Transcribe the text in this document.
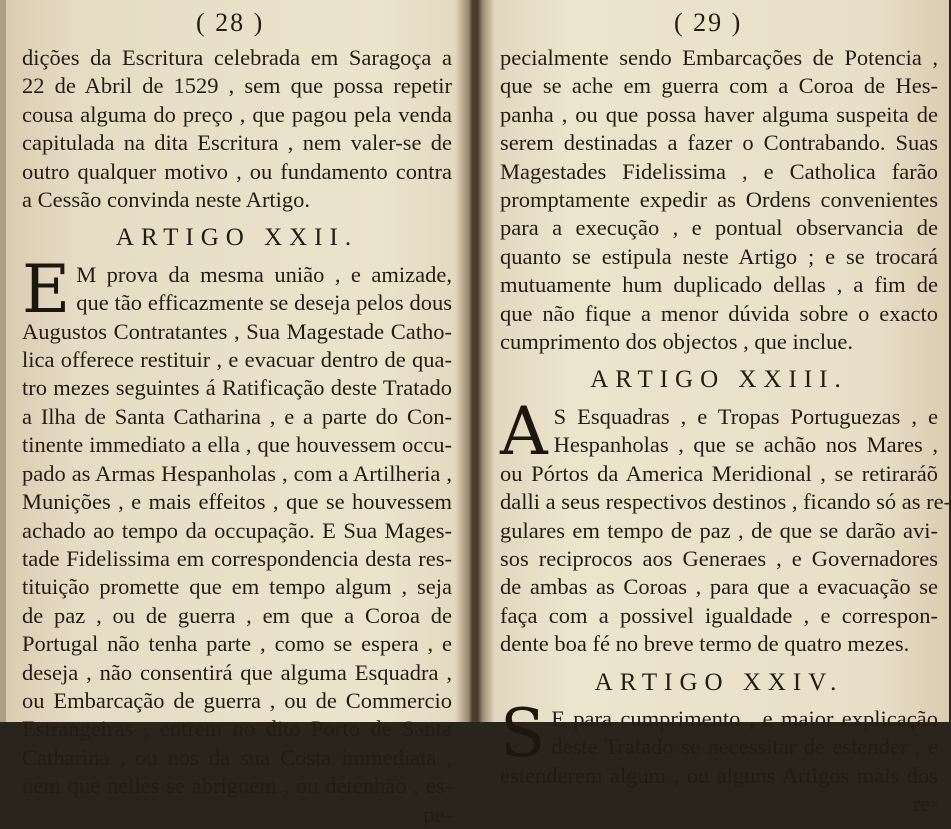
( 28 )
dições da Escritura celebrada em Saragoça a
22 de Abril de 1529 , sem que possa repetir
cousa alguma do preço , que pagou pela venda
capitulada na dita Escritura , nem valer-se de
outro qualquer motivo , ou fundamento contra
a Cessão convinda neste Artigo.
ARTIGO XXII.
E M prova da mesma união , e amizade,
que tão efficazmente se deseja pelos dous
Augustos Contratantes , Sua Magestade Catho-
lica offerece restituir , e evacuar dentro de qua-
tro mezes seguintes á Ratificação deste Tratado
a Ilha de Santa Catharina , e a parte do Con-
tinente immediato a ella , que houvessem occu-
pado as Armas Hespanholas , com a Artilheria ,
Munições , e mais effeitos , que se houvessem
achado ao tempo da occupação. E Sua Mages-
tade Fidelissima em correspondencia desta res-
tituição promette que em tempo algum , seja
de paz , ou de guerra , em que a Coroa de
Portugal não tenha parte , como se espera , e
deseja , não consentirá que alguma Esquadra ,
ou Embarcação de guerra , ou de Commercio
Estrangeiras , entrem no dito Porto de Santa
Catharina , ou nos da sua Costa immediata ,
nem que nelles se abriguem , ou detenhão , es-
pe-
( 29 )
pecialmente sendo Embarcações de Potencia ,
que se ache em guerra com a Coroa de Hes-
panha , ou que possa haver alguma suspeita de
serem destinadas a fazer o Contrabando. Suas
Magestades Fidelissima , e Catholica farão
promptamente expedir as Ordens convenientes
para a execução , e pontual observancia de
quanto se estipula neste Artigo ; e se trocará
mutuamente hum duplicado dellas , a fim de
que não fique a menor dúvida sobre o exacto
cumprimento dos objectos , que inclue.
ARTIGO XXIII.
A S Esquadras , e Tropas Portuguezas , e
Hespanholas , que se achão nos Mares ,
ou Pórtos da America Meridional , se retiraráõ
dalli a seus respectivos destinos , ficando só as re-
gulares em tempo de paz , de que se darão avi-
sos reciprocos aos Generaes , e Governadores
de ambas as Coroas , para que a evacuação se
faça com a possivel igualdade , e correspon-
dente boa fé no breve termo de quatro mezes.
ARTIGO XXIV.
S E para cumprimento , e maior explicação
deste Tratado se necessitar de estender , e
estenderem algum , ou alguns Artigos mais dos
re-
